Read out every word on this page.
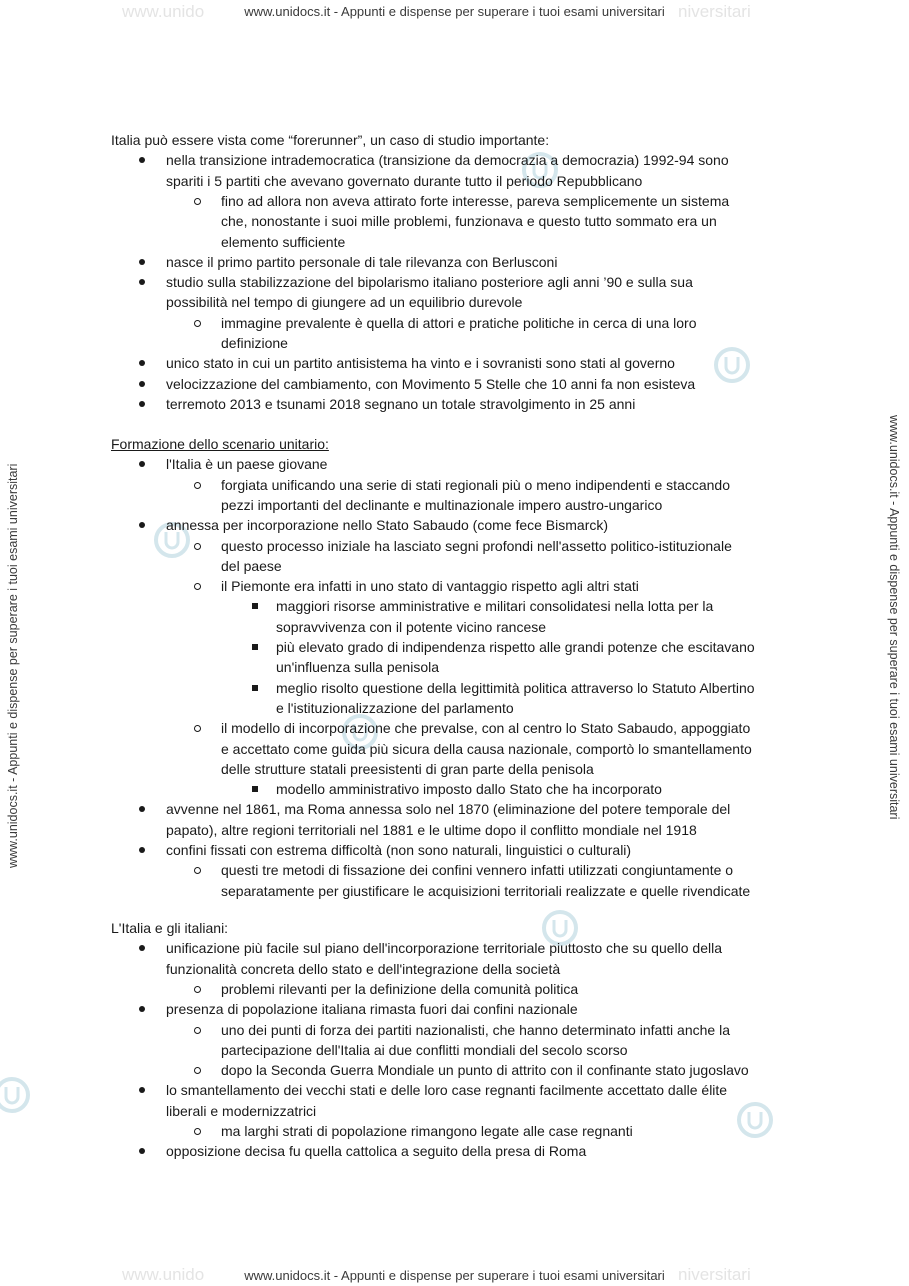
www.unido	niversitari
www.unidocs.it - Appunti e dispense per superare i tuoi esami universitari
www.unido	niversitari
www.unidocs.it - Appunti e dispense per superare i tuoi esami universitari
www.unidocs.it - Appunti e dispense per superare i tuoi esami universitari	www.unidocs.it - Appunti e dispense per superare i tuoi esami universitari
Italia può essere vista come “forerunner”, un caso di studio importante:
nella transizione intrademocratica (transizione da democrazia a democrazia) 1992-94 sono
spariti i 5 partiti che avevano governato durante tutto il periodo Repubblicano
fino ad allora non aveva attirato forte interesse, pareva semplicemente un sistema
che, nonostante i suoi mille problemi, funzionava e questo tutto sommato era un
elemento sufficiente
nasce il primo partito personale di tale rilevanza con Berlusconi
studio sulla stabilizzazione del bipolarismo italiano posteriore agli anni ’90 e sulla sua
possibilità nel tempo di giungere ad un equilibrio durevole
immagine prevalente è quella di attori e pratiche politiche in cerca di una loro
definizione
unico stato in cui un partito antisistema ha vinto e i sovranisti sono stati al governo
velocizzazione del cambiamento, con Movimento 5 Stelle che 10 anni fa non esisteva
terremoto 2013 e tsunami 2018 segnano un totale stravolgimento in 25 anni
Formazione dello scenario unitario:
l'Italia è un paese giovane
forgiata unificando una serie di stati regionali più o meno indipendenti e staccando
pezzi importanti del declinante e multinazionale impero austro-ungarico
annessa per incorporazione nello Stato Sabaudo (come fece Bismarck)
questo processo iniziale ha lasciato segni profondi nell'assetto politico-istituzionale
del paese
il Piemonte era infatti in uno stato di vantaggio rispetto agli altri stati
maggiori risorse amministrative e militari consolidatesi nella lotta per la
sopravvivenza con il potente vicino rancese
più elevato grado di indipendenza rispetto alle grandi potenze che escitavano
un'influenza sulla penisola
meglio risolto questione della legittimità politica attraverso lo Statuto Albertino
e l'istituzionalizzazione del parlamento
il modello di incorporazione che prevalse, con al centro lo Stato Sabaudo, appoggiato
e accettato come guida più sicura della causa nazionale, comportò lo smantellamento
delle strutture statali preesistenti di gran parte della penisola
modello amministrativo imposto dallo Stato che ha incorporato
avvenne nel 1861, ma Roma annessa solo nel 1870 (eliminazione del potere temporale del
papato), altre regioni territoriali nel 1881 e le ultime dopo il conflitto mondiale nel 1918
confini fissati con estrema difficoltà (non sono naturali, linguistici o culturali)
questi tre metodi di fissazione dei confini vennero infatti utilizzati congiuntamente o
separatamente per giustificare le acquisizioni territoriali realizzate e quelle rivendicate
L'Italia e gli italiani:
unificazione più facile sul piano dell'incorporazione territoriale piuttosto che su quello della
funzionalità concreta dello stato e dell'integrazione della società
problemi rilevanti per la definizione della comunità politica
presenza di popolazione italiana rimasta fuori dai confini nazionale
uno dei punti di forza dei partiti nazionalisti, che hanno determinato infatti anche la
partecipazione dell'Italia ai due conflitti mondiali del secolo scorso
dopo la Seconda Guerra Mondiale un punto di attrito con il confinante stato jugoslavo
lo smantellamento dei vecchi stati e delle loro case regnanti facilmente accettato dalle élite
liberali e modernizzatrici
ma larghi strati di popolazione rimangono legate alle case regnanti
opposizione decisa fu quella cattolica a seguito della presa di Roma
